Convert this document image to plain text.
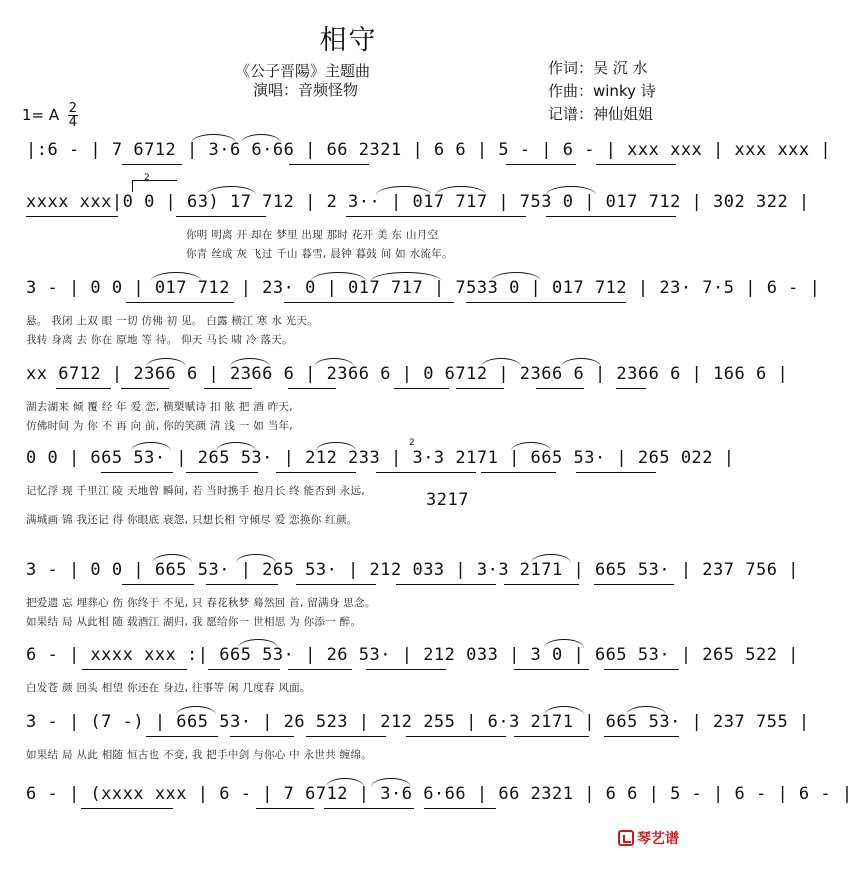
相守
《公子晋陽》主题曲
演唱：音频怪物
作词：吴 沉 水
作曲：winky 诗
记谱：神仙姐姐
1= A $\frac{2}{4}$
|:6 - | 7 6712 | 3·6 6·66 | 66 2321 | 6 6 | 5 - | 6 - | xxx xxx | xxx xxx |
xxxx xxx|0 0 | 63) 17 712 | 2 3·· | 017 717 | 753 0 | 017 712 | 302 322 |
2
你明 明离 开 却在 梦里 出现 那时 花开 美 东 山月空
你青 丝成 灰 飞过 千山 暮雪, 晨钟 暮鼓 间 如 水流年。
3 - | 0 0 | 017 712 | 23· 0 | 017 717 | 7533 0 | 017 712 | 23· 7·5 | 6 - |
悬。 我闭 上双 眼 一切 仿佛 初 见。 白露 横江 寒 水 光天。
我转 身离 去 你在 原地 等 待。 仰天 马长 啸 冷 落天。
xx 6712 | 2366 6 | 2366 6 | 2366 6 | 0 6712 | 2366 6 | 2366 6 | 166 6 |
湖去湖来 倾 覆 经 年 爱 恋, 横槊赋诗 扣 舷 把 酒 昨天,
仿佛时间 为 你 不 再 向 前, 你的笑颜 清 浅 一 如 当年,
0 0 | 665 53· | 265 53· | 212 233 | 3·3 2171 | 665 53· | 265 022 |
2
记忆浮 现 千里江 陵 天地曾 瞬间, 若 当时携手 抱月长 终 能否到 永远,	3217
满城画 锦 我还记 得 你眼底 衰怨, 只想长相 守倾尽 爱 恋换你 红颜。
3 - | 0 0 | 665 53· | 265 53· | 212 033 | 3·3 2171 | 665 53· | 237 756 |
把爱遗 忘 埋葬心 伤 你终于 不见, 只 春花秋梦 蓦然回 首, 留满身 思念。
如果结 局 从此相 随 载酒江 湖归, 我 愿给你一 世相思 为 你添一 醉。
6 - | xxxx xxx :| 665 53· | 26 53· | 212 033 | 3 0 | 665 53· | 265 522 |
白发苍 颜 回头 相望 你还在 身边, 往事等 闲 几度春 风面。
3 - | (7 -) | 665 53· | 26 523 | 212 255 | 6·3 2171 | 665 53· | 237 755 |
如果结 局 从此 相随 恒古也 不变, 我 把手中剑 与你心 中 永世共 缠绵。
6 - | (xxxx xxx | 6 - | 7 6712 | 3·6 6·66 | 66 2321 | 6 6 | 5 - | 6 - | 6 - |
琴艺谱
